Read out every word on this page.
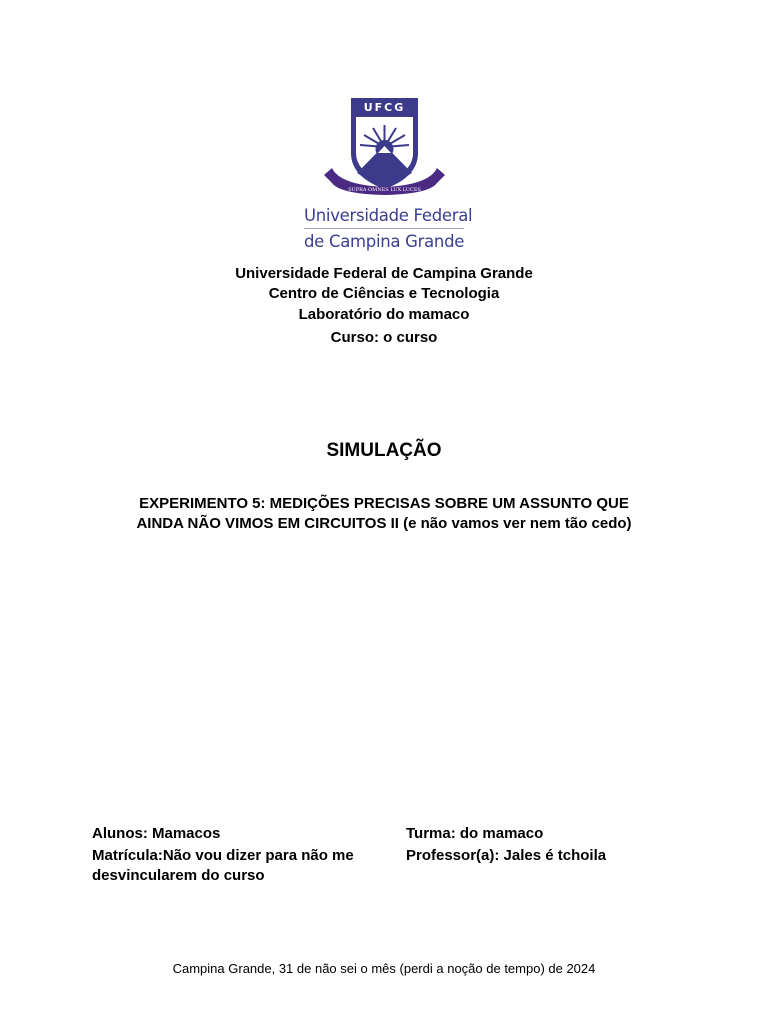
UFCG
SUPRA OMNES LUX LUCES
Universidade Federal
de Campina Grande
Universidade Federal de Campina Grande
Centro de Ciências e Tecnologia
Laboratório do mamaco
Curso: o curso
SIMULAÇÃO
EXPERIMENTO 5: MEDIÇÕES PRECISAS SOBRE UM ASSUNTO QUE
AINDA NÃO VIMOS EM CIRCUITOS II (e não vamos ver nem tão cedo)
Alunos: Mamacos
Matrícula:Não vou dizer para não me desvincularem do curso
Turma: do mamaco
Professor(a): Jales é tchoila
Campina Grande, 31 de não sei o mês (perdi a noção de tempo) de 2024
